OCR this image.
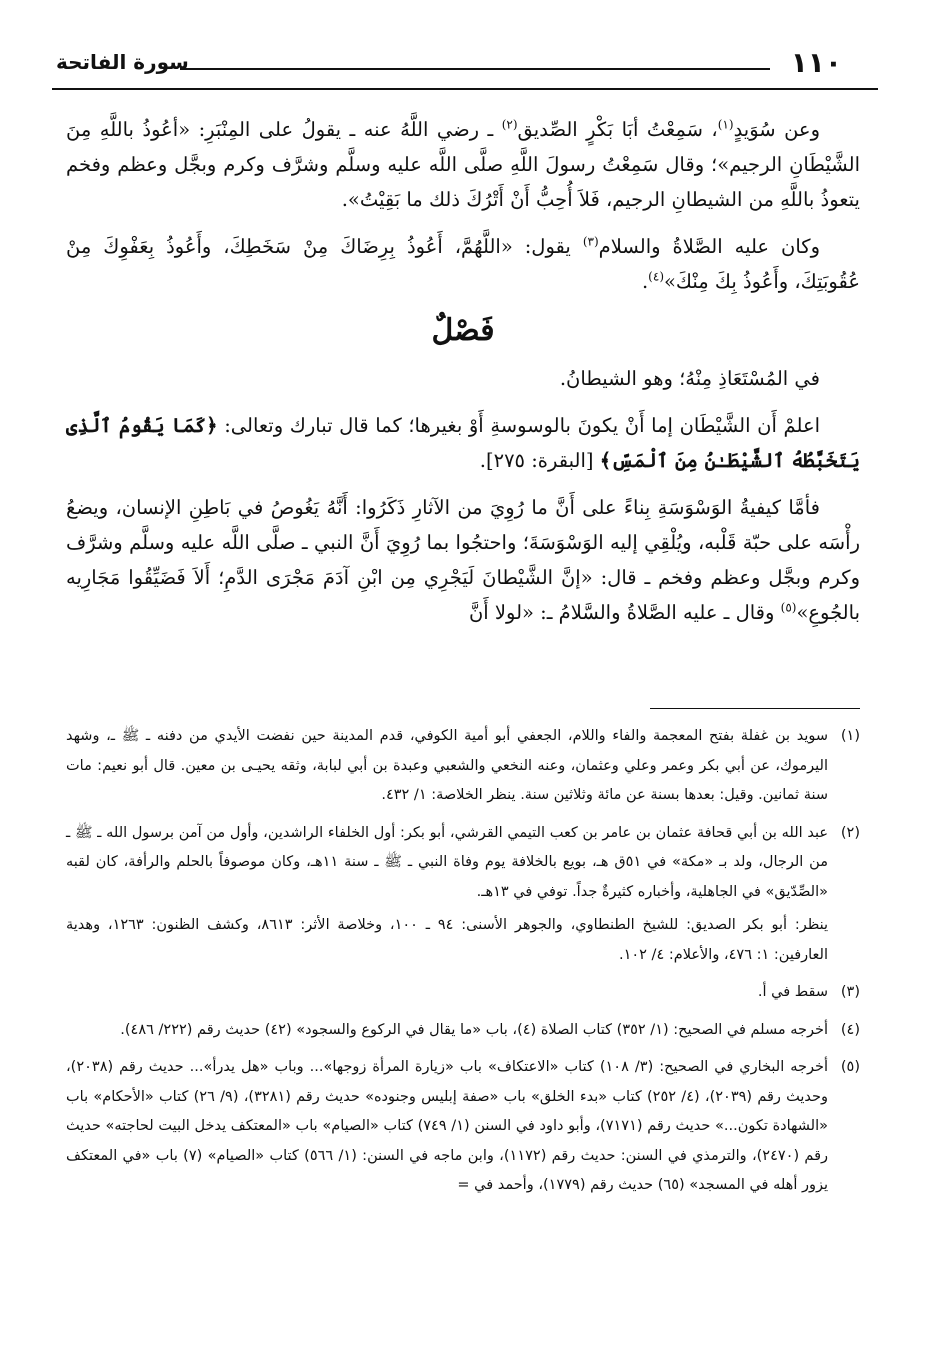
١١٠
سورة الفاتحة

وعن سُوَيدٍ$^{(١)}$، سَمِعْتُ أبَا بَكْرٍ الصِّديق$^{(٢)}$ ـ رضي اللَّهُ عنه ـ يقولُ على المِنْبَرِ: «أعُوذُ باللَّهِ مِنَ الشَّيْطَانِ الرجيم»؛ وقال سَمِعْتُ رسولَ اللَّهِ صلَّى اللَّه عليه وسلَّم وشرَّف وكرم وبجَّل وعظم وفخم يتعوذُ باللَّهِ من الشيطانِ الرجيم، فَلاَ أُحِبُّ أَنْ أَتْرُكَ ذلك ما بَقِيْتُ».

وكان عليه الصَّلاةُ والسلام$^{(٣)}$ يقول: «اللَّهُمَّ، أَعُوذُ بِرِضَاكَ مِنْ سَخَطِكَ، وأَعُوذُ بِعَفْوِكَ مِنْ عُقُوبَتِكَ، وأَعُوذُ بِكَ مِنْكَ»$^{(٤)}$.

فَصْلٌ

في المُسْتَعَاذِ مِنْهُ؛ وهو الشيطانُ.

اعلمْ أَن الشَّيْطَان إما أَنْ يكونَ بالوسوسةِ أَوْ بغيرها؛ كما قال تبارك وتعالى: ﴿كَمَا يَقُومُ ٱلَّذِى يَتَخَبَّطُهُ ٱلشَّيْطَـٰنُ مِنَ ٱلْمَسِّ﴾ [البقرة: ٢٧٥].

فأمَّا كيفيةُ الوَسْوَسَةِ بِناءً على أَنَّ ما رُوِيَ من الآثارِ ذَكَرُوا: أَنَّهُ يَغُوصُ في بَاطِنِ الإنسان، ويضعُ رأْسَه على حبّة قَلْبه، ويُلْقِي إليه الوَسْوَسَةَ؛ واحتجُوا بما رُوِيَ أَنَّ النبي ـ صلَّى اللَّه عليه وسلَّم وشرَّف وكرم وبجَّل وعظم وفخم ـ قال: «إنَّ الشَّيْطانَ لَيَجْرِي مِن ابْنِ آدَمَ مَجْرَى الدَّمِ؛ أَلاَ فَضَيِّقُوا مَجَارِيه بالجُوعِ»$^{(٥)}$ وقال ـ عليه الصَّلاةُ والسَّلامُ ـ: «لولا أَنَّ

(١)

سويد بن غفلة بفتح المعجمة والفاء واللام، الجعفي أبو أمية الكوفي، قدم المدينة حين نفضت الأيدي من دفنه ـ ﷺ ـ، وشهد اليرموك، عن أبي بكر وعمر وعلي وعثمان، وعنه النخعي والشعبي وعبدة بن أبي لبابة، وثقه يحيـى بن معين. قال أبو نعيم: مات سنة ثمانين. وقيل: بعدها بسنة عن مائة وثلاثين سنة. ينظر الخلاصة: ١/ ٤٣٢.

(٢)

عبد الله بن أبي قحافة عثمان بن عامر بن كعب التيمي القرشي، أبو بكر: أول الخلفاء الراشدين، وأول من آمن برسول الله ـ ﷺ ـ من الرجال، ولد بـ «مكة» في ٥١ق هـ، بويع بالخلافة يوم وفاة النبي ـ ﷺ ـ سنة ١١هـ، وكان موصوفاً بالحلم والرأفة، كان لقبه «الصِّدّيق» في الجاهلية، وأخباره كثيرةٌ جداً. توفي في ١٣هـ.

ينظر: أبو بكر الصديق: للشيخ الطنطاوي، والجوهر الأسنى: ٩٤ ـ ١٠٠، وخلاصة الأثر: ٨٦١٣، وكشف الظنون: ١٢٦٣، وهدية العارفين: ١: ٤٧٦، والأعلام: ٤/ ١٠٢.

(٣)

سقط في أ.

(٤)

أخرجه مسلم في الصحيح: (١/ ٣٥٢) كتاب الصلاة (٤)، باب «ما يقال في الركوع والسجود» (٤٢) حديث رقم (٢٢٢/ ٤٨٦).

(٥)

أخرجه البخاري في الصحيح: (٣/ ١٠٨) كتاب «الاعتكاف» باب «زيارة المرأة زوجها»... وباب «هل يدرأ»... حديث رقم (٢٠٣٨)، وحديث رقم (٢٠٣٩)، (٤/ ٢٥٢) كتاب «بدء الخلق» باب «صفة إبليس وجنوده» حديث رقم (٣٢٨١)، (٩/ ٢٦) كتاب «الأحكام» باب «الشهادة تكون...» حديث رقم (٧١٧١)، وأبو داود في السنن (١/ ٧٤٩) كتاب «الصيام» باب «المعتكف يدخل البيت لحاجته» حديث رقم (٢٤٧٠)، والترمذي في السنن: حديث رقم (١١٧٢)، وابن ماجه في السنن: (١/ ٥٦٦) كتاب «الصيام» (٧) باب «في المعتكف يزور أهله في المسجد» (٦٥) حديث رقم (١٧٧٩)، وأحمد في =
